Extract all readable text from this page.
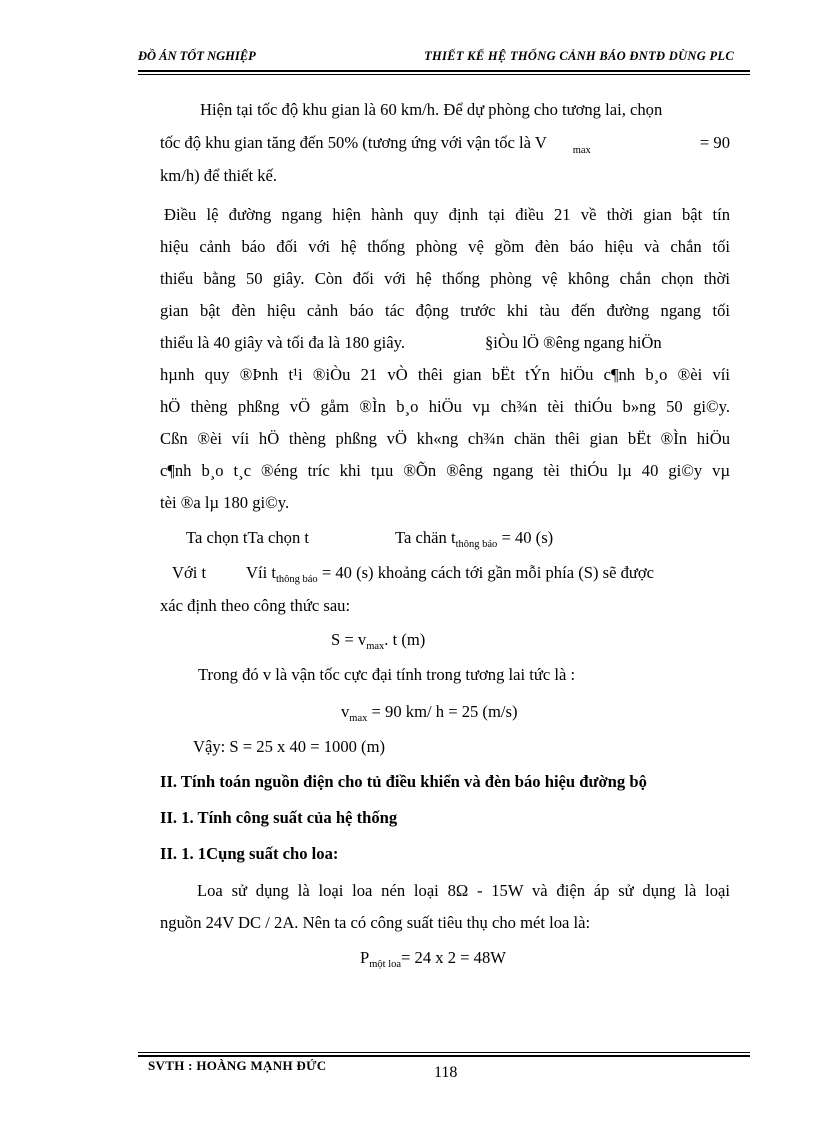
ĐỒ ÁN TỐT NGHIỆP	THIẾT KẾ HỆ THỐNG CẢNH BÁO ĐNTĐ DÙNG PLC
Hiện tại tốc độ khu gian là 60 km/h. Để dự phòng cho tương lai, chọn
tốc độ khu gian tăng đến 50% (tương ứng với vận tốc là V $_{max}$	= 90
km/h) để thiết kế.
Điều lệ đường ngang hiện hành quy định tại điều 21 về thời gian bật tín
hiệu cảnh báo đối với hệ thống phòng vệ gồm đèn báo hiệu và chắn tối
thiểu bằng 50 giây. Còn đối với hệ thống phòng vệ không chắn chọn thời
gian bật đèn hiệu cảnh báo tác động trước khi tàu đến đường ngang tối
thiểu là 40 giây và tối đa là 180 giây.	§iÒu lÖ ®êng ngang hiÖn
hµnh quy ®Þnh t¹i ®iÒu 21 vÒ thêi gian bËt tÝn hiÖu c¶nh b¸o ®èi víi
hÖ thèng phßng vÖ gåm ®Ìn b¸o hiÖu vµ ch¾n tèi thiÓu b»ng 50 gi©y.
Cßn ®èi víi hÖ thèng phßng vÖ kh«ng ch¾n chän thêi gian bËt ®Ìn hiÖu
c¶nh b¸o t¸c ®éng tríc khi tµu ®Õn ®êng ngang tèi thiÓu lµ 40 gi©y vµ
tèi ®a lµ 180 gi©y.
Ta chọn tTa chọn t	Ta chän $t_{thông báo} = 40$ (s)
Với t Víi $t_{thông báo} = 40$ (s) khoảng cách tới gần mỗi phía (S) sẽ được
xác định theo công thức sau:
$S = v_{max}$. t (m)
Trong đó v là vận tốc cực đại tính trong tương lai tức là :
$v_{max} = 90$ km/ h = 25 (m/s)
Vậy: S = 25 x 40 = 1000 (m)
II. Tính toán nguồn điện cho tủ điều khiển và đèn báo hiệu đường bộ
II. 1. Tính công suất của hệ thống
II. 1. 1Cụng suất cho loa:
Loa sử dụng là loại loa nén loại 8Ω - 15W và điện áp sử dụng là loại
nguồn 24V DC / 2A. Nên ta có công suất tiêu thụ cho mét loa là:
$P_{một loa}= 24$ x 2 = 48W
SVTH : HOÀNG MẠNH ĐỨC	118
